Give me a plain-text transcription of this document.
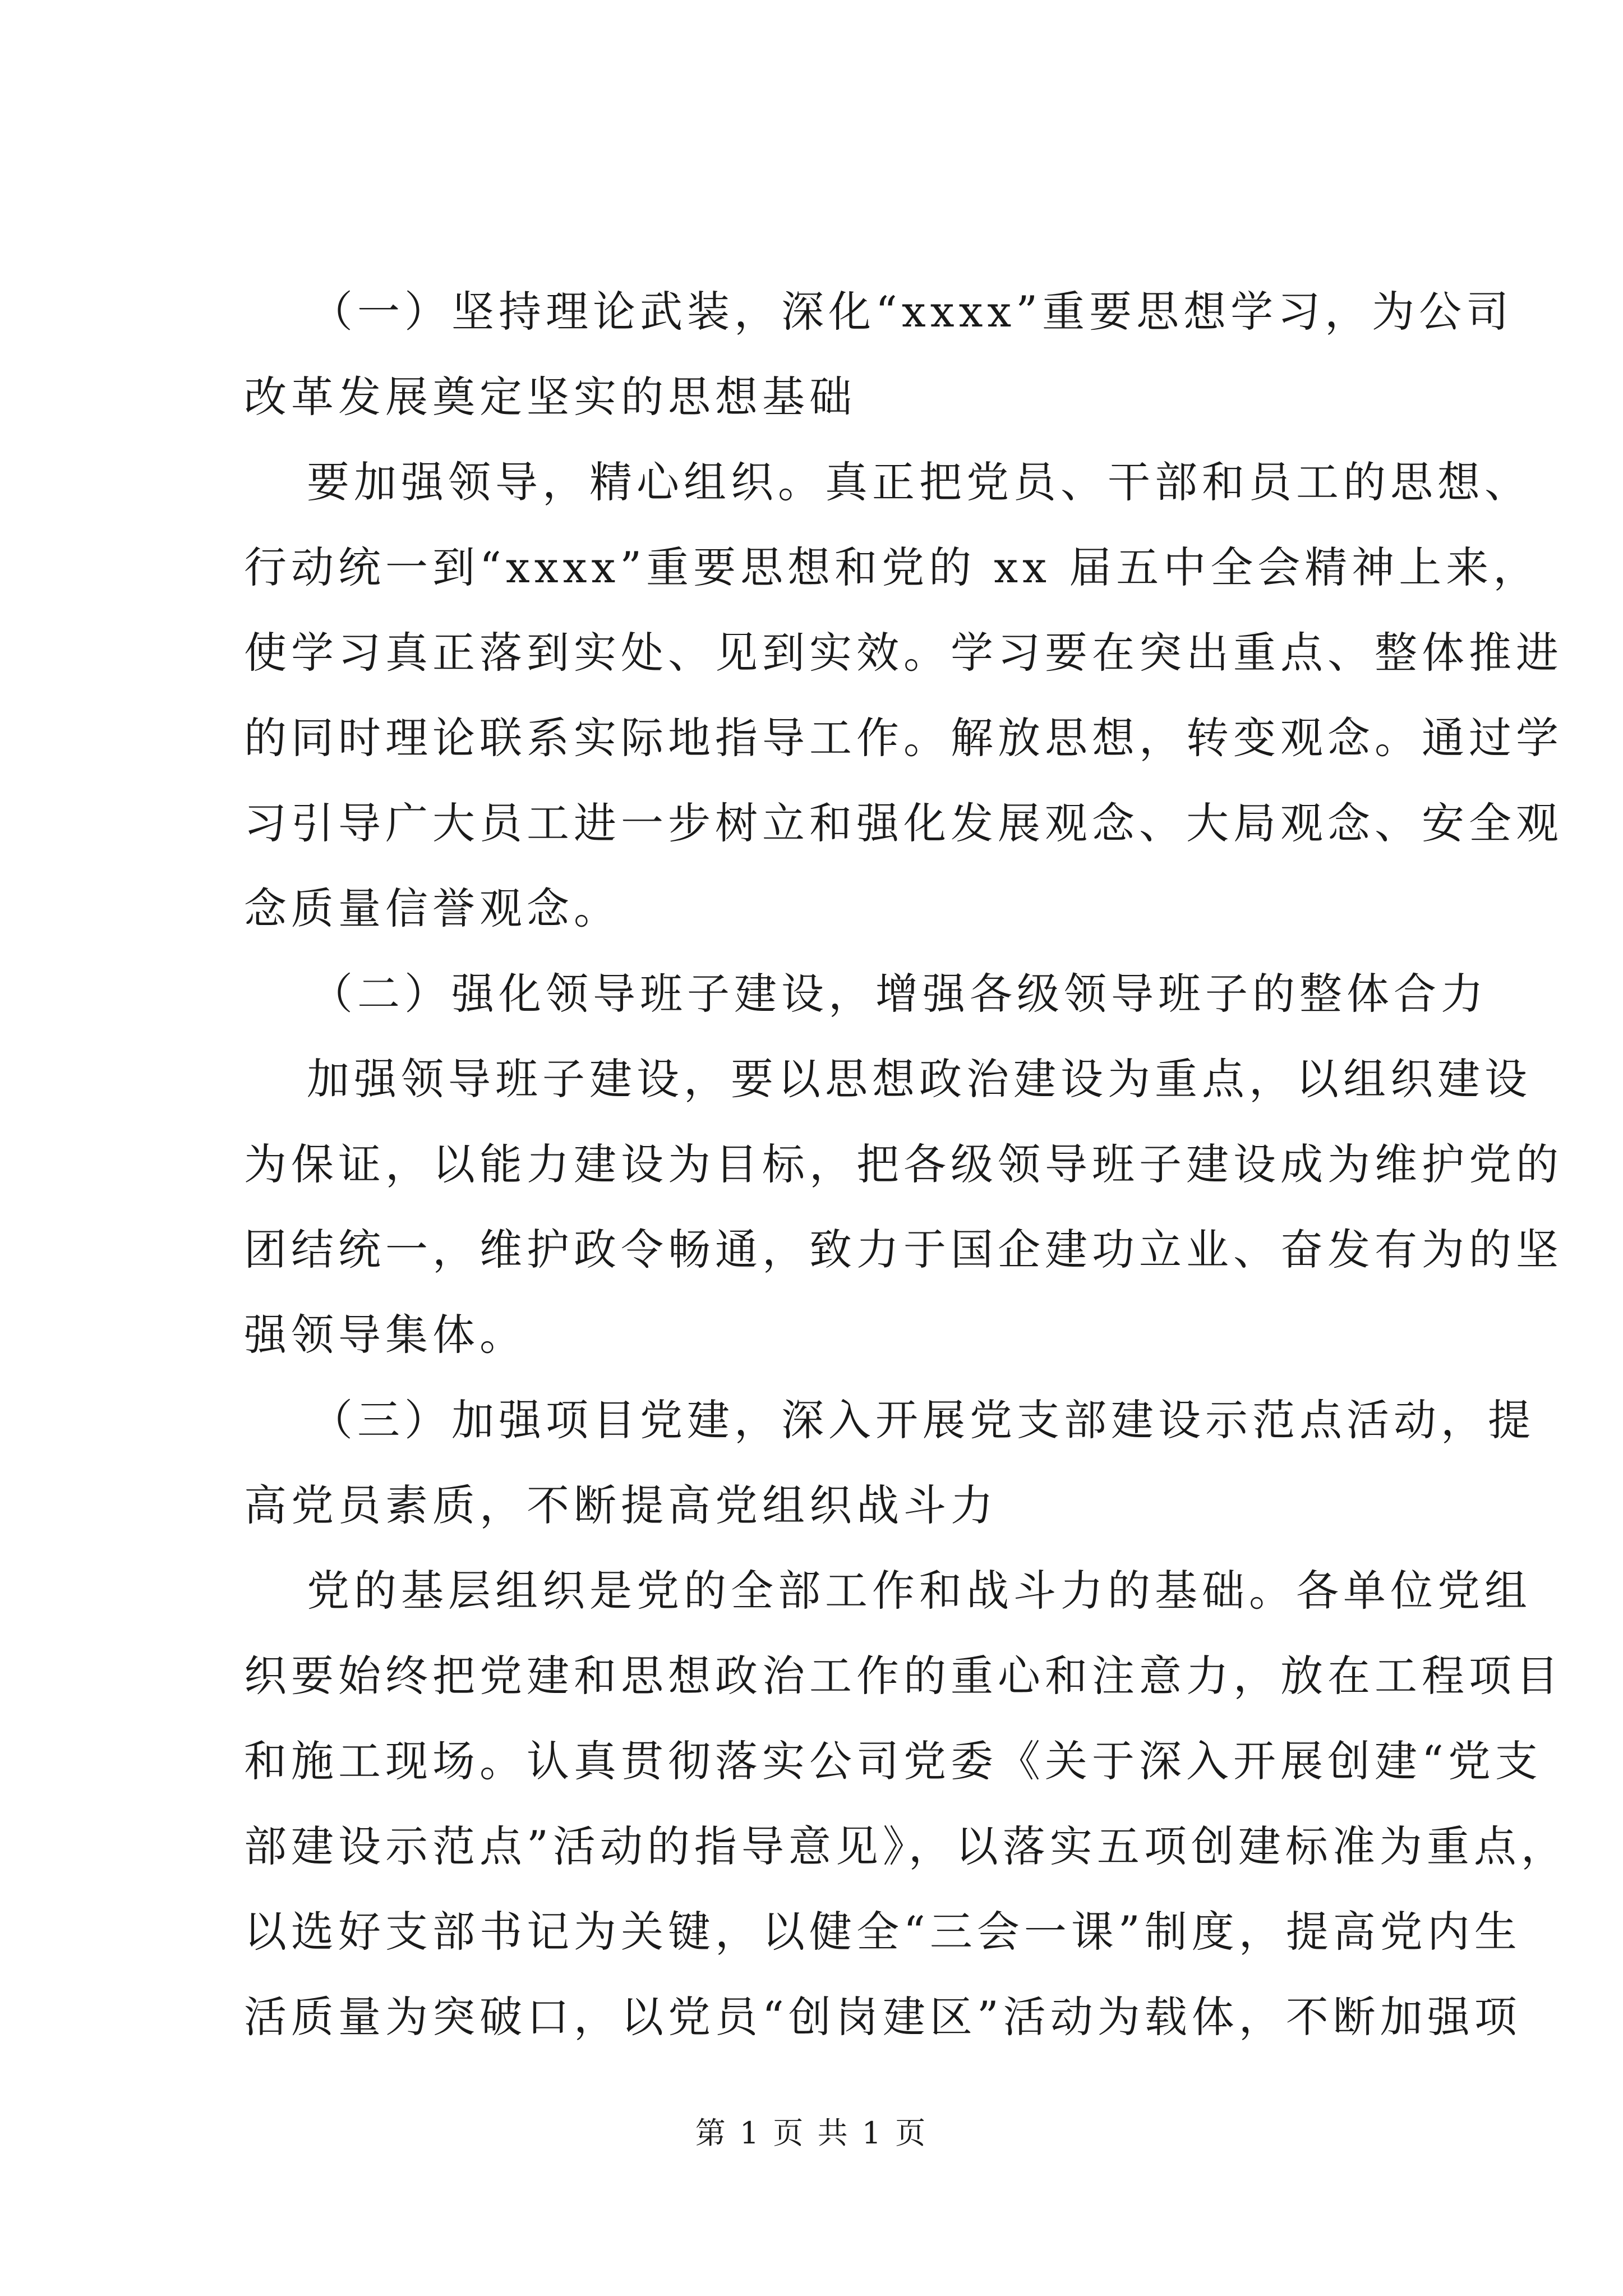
（一）坚持理论武装，深化“xxxx”重要思想学习，为公司
改革发展奠定坚实的思想基础
要加强领导，精心组织。真正把党员、干部和员工的思想、
行动统一到“xxxx”重要思想和党的 xx 届五中全会精神上来，
使学习真正落到实处、见到实效。学习要在突出重点、整体推进
的同时理论联系实际地指导工作。解放思想，转变观念。通过学
习引导广大员工进一步树立和强化发展观念、大局观念、安全观
念质量信誉观念。
（二）强化领导班子建设，增强各级领导班子的整体合力
加强领导班子建设，要以思想政治建设为重点，以组织建设
为保证，以能力建设为目标，把各级领导班子建设成为维护党的
团结统一，维护政令畅通，致力于国企建功立业、奋发有为的坚
强领导集体。
（三）加强项目党建，深入开展党支部建设示范点活动，提
高党员素质，不断提高党组织战斗力
党的基层组织是党的全部工作和战斗力的基础。各单位党组
织要始终把党建和思想政治工作的重心和注意力，放在工程项目
和施工现场。认真贯彻落实公司党委《关于深入开展创建“党支
部建设示范点”活动的指导意见》，以落实五项创建标准为重点，
以选好支部书记为关键，以健全“三会一课”制度，提高党内生
活质量为突破口，以党员“创岗建区”活动为载体，不断加强项
第 1 页 共 1 页
